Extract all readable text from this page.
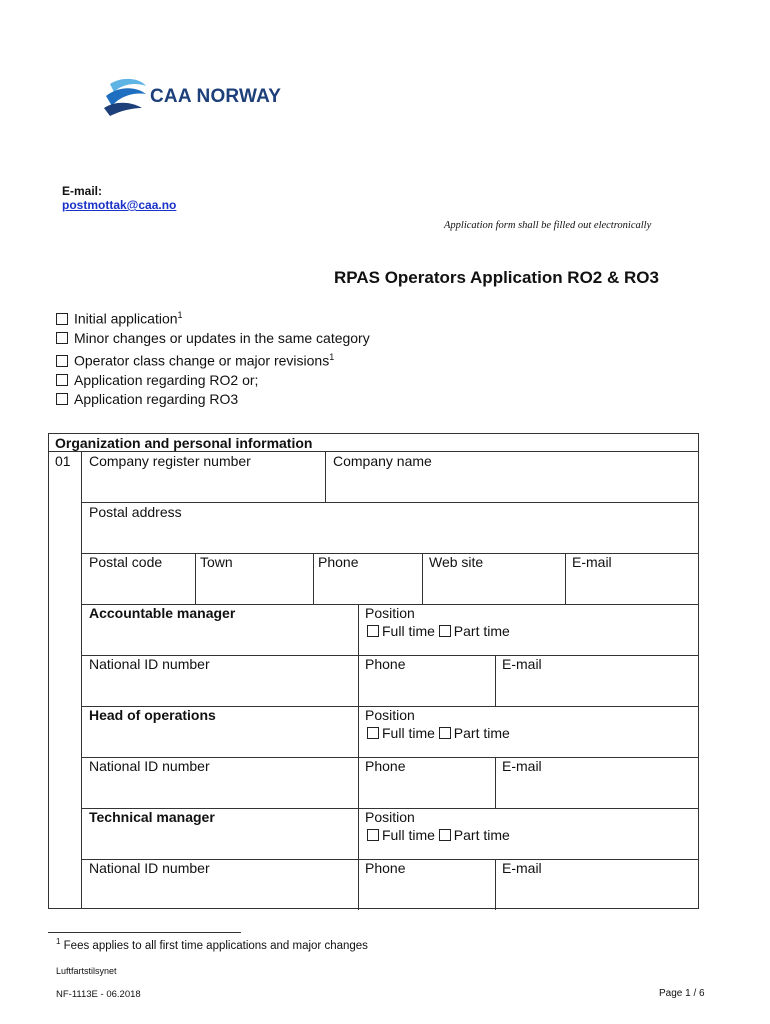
CAA NORWAY
E-mail:
postmottak@caa.no
Application form shall be filled out electronically
RPAS Operators Application RO2 & RO3
Initial application$^1$
Minor changes or updates in the same category
Operator class change or major revisions$^1$
Application regarding RO2 or;
Application regarding RO3
Organization and personal information
01 Company register number	Company name
Postal address
Postal code	Town	Phone	Web site	E-mail
Accountable manager	Position
Full time Part time
National ID number	Phone	E-mail
Head of operations	Position
Full time Part time
National ID number	Phone	E-mail
Technical manager	Position
Full time Part time
National ID number	Phone	E-mail
$^1$ Fees applies to all first time applications and major changes
Luftfartstilsynet
NF-1113E - 06.2018	Page 1 / 6
